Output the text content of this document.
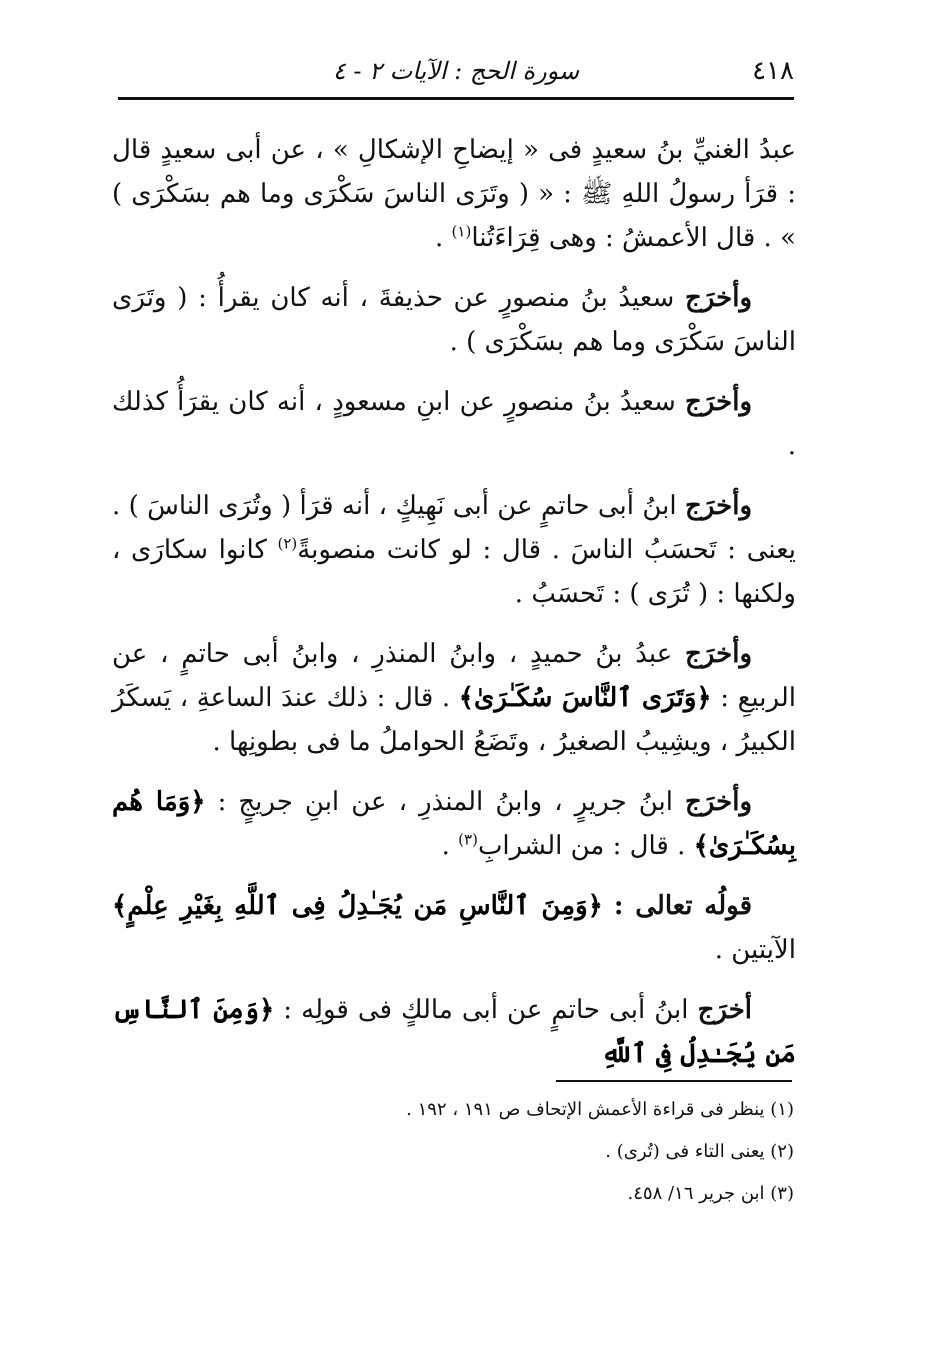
٤١٨
سورة الحج : الآيات ٢ - ٤

عبدُ الغنيِّ بنُ سعيدٍ فى « إيضاحِ الإشكالِ » ، عن أبى سعيدٍ قال : قرَأ رسولُ اللهِ ﷺ : « ( وتَرَى الناسَ سَكْرَى وما هم بسَكْرَى ) » . قال الأعمشُ : وهى قِرَاءَتُنا$^{(١)}$ .

وأخرَج سعيدُ بنُ منصورٍ عن حذيفةَ ، أنه كان يقرأُ : ( وتَرَى الناسَ سَكْرَى وما هم بسَكْرَى ) .

وأخرَج سعيدُ بنُ منصورٍ عن ابنِ مسعودٍ ، أنه كان يقرَأُ كذلك .

وأخرَج ابنُ أبى حاتمٍ عن أبى نَهِيكٍ ، أنه قرَأ ( وتُرَى الناسَ ) . يعنى : تَحسَبُ الناسَ . قال : لو كانت منصوبةً$^{(٢)}$ كانوا سكارَى ، ولكنها : ( تُرَى ) : تَحسَبُ .

وأخرَج عبدُ بنُ حميدٍ ، وابنُ المنذرِ ، وابنُ أبى حاتمٍ ، عن الربيعِ : ﴿وَتَرَى ٱلنَّاسَ سُكَـٰرَىٰ﴾ . قال : ذلك عندَ الساعةِ ، يَسكَرُ الكبيرُ ، ويشِيبُ الصغيرُ ، وتَضَعُ الحواملُ ما فى بطونِها .

وأخرَج ابنُ جريرٍ ، وابنُ المنذرِ ، عن ابنِ جريجٍ : ﴿وَمَا هُم بِسُكَـٰرَىٰ﴾ . قال : من الشرابِ$^{(٣)}$ .

قولُه تعالى : ﴿وَمِنَ ٱلنَّاسِ مَن يُجَـٰدِلُ فِى ٱللَّهِ بِغَيْرِ عِلْمٍ﴾ الآيتين .

أخرَج ابنُ أبى حاتمٍ عن أبى مالكٍ فى قولِه : ﴿وَمِنَ ٱلنَّاسِ مَن يُجَـٰدِلُ فِى ٱللَّهِ

(١) ينظر فى قراءة الأعمش الإتحاف ص ١٩١ ، ١٩٢ .
(٢) يعنى التاء فى (تُرى) .
(٣) ابن جرير ١٦/ ٤٥٨.
